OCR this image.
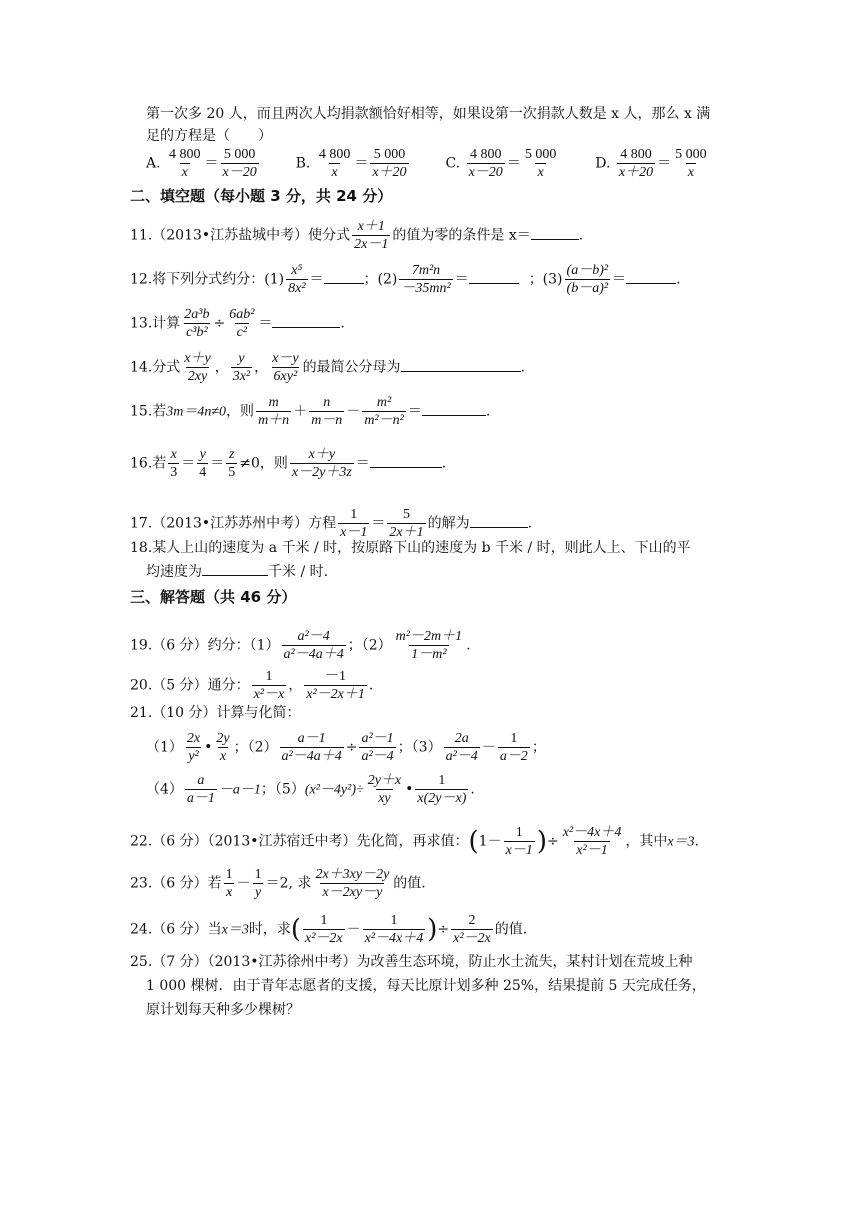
第一次多 20 人，而且两次人均捐款额恰好相等，如果设第一次捐款人数是 x 人，那么 x 满
足的方程是（　　）
A. $\frac{4 800}{x} = \frac{5 000}{x-20}$	B. $\frac{4 800}{x} = \frac{5 000}{x+20}$	C. $\frac{4 800}{x-20} = \frac{5 000}{x}$	D. $\frac{4 800}{x+20} = \frac{5 000}{x}$
二、填空题（每小题 3 分，共 24 分）
11.（2013•江苏盐城中考）使分式 $\frac{x+1}{2x-1}$ 的值为零的条件是 x＝	.
12.将下列分式约分：$(1) \frac{\text{x⁵}}{\text{8x²}}$ ＝	；$(2) \frac{\text{7m²n}}{\text{－35mn²}}$ ＝	；$(3) \frac{\text{(a－b)²}}{\text{(b－a)²}}$ ＝	.
13.计算 $\frac{\text{2a³b}}{\text{c³b²}} \div \frac{\text{6ab²}}{\text{c²}}$ ＝	.
14.分式 $\frac{x+y}{2xy}$ ， $\frac{y}{\text{3x²}}$ ， $\frac{x-y}{\text{6xy²}}$ 的最简公分母为	.
15.若3m＝4n≠0，则 $\frac{m}{m+n} + \frac{n}{m-n} - \frac{\text{m²}}{\text{m²－n²}}$ ＝	.
16.若 $\frac{x}{3} = \frac{y}{4} = \frac{z}{5} \ne 0$，则 $\frac{x+y}{x-2y+3z}$ ＝	.
17.（2013•江苏苏州中考）方程 $\frac{1}{x-1} = \frac{5}{2x+1}$ 的解为	.
18.某人上山的速度为 a 千米 / 时，按原路下山的速度为 b 千米 / 时，则此人上、下山的平
均速度为	千米 / 时.
三、解答题（共 46 分）
19.（6 分）约分：$(1) \frac{\text{a²－4}}{\text{a²－4a＋4}}$ ；$(2) \frac{\text{m²－2m＋1}}{\text{1－m²}}$ .
20.（5 分）通分： $\frac{1}{\text{x²－x}}$ ， $\frac{-1}{\text{x²－2x＋1}}$ .
21.（10 分）计算与化简：
$(1) \frac{2x}{\text{y²}}$ • $\frac{2y}{x}$ ；$(2) \frac{a-1}{\text{a²－4a＋4}} \div \frac{\text{a²－1}}{\text{a²－4}}$ ；$(3) \frac{2a}{\text{a²－4}} - \frac{1}{a-2}$ ；
$(4) \frac{a}{a-1} -a-1$；$(5)(x^2-4y^2)\div \frac{2y+x}{xy}$ • $\frac{1}{x(2y-x)}$ .
22.（6 分）（2013•江苏宿迁中考）先化简，再求值：($1- \frac{1}{x-1}$ )÷ $\frac{\text{x²－4x＋4}}{\text{x²－1}}$ ，其中x＝3.
23.（6 分）若 $\frac{1}{x} - \frac{1}{y} =2$, 求 $\frac{2x+3xy-2y}{x-2xy-y}$ 的值.
24.（6 分）当x＝3时，求( $\frac{1}{\text{x²－2x}} - \frac{1}{\text{x²－4x＋4}}$ )÷ $\frac{2}{\text{x²－2x}}$ 的值.
25.（7 分）（2013•江苏徐州中考）为改善生态环境，防止水土流失，某村计划在荒坡上种
1 000 棵树．由于青年志愿者的支援，每天比原计划多种 25%，结果提前 5 天完成任务，
原计划每天种多少棵树？
